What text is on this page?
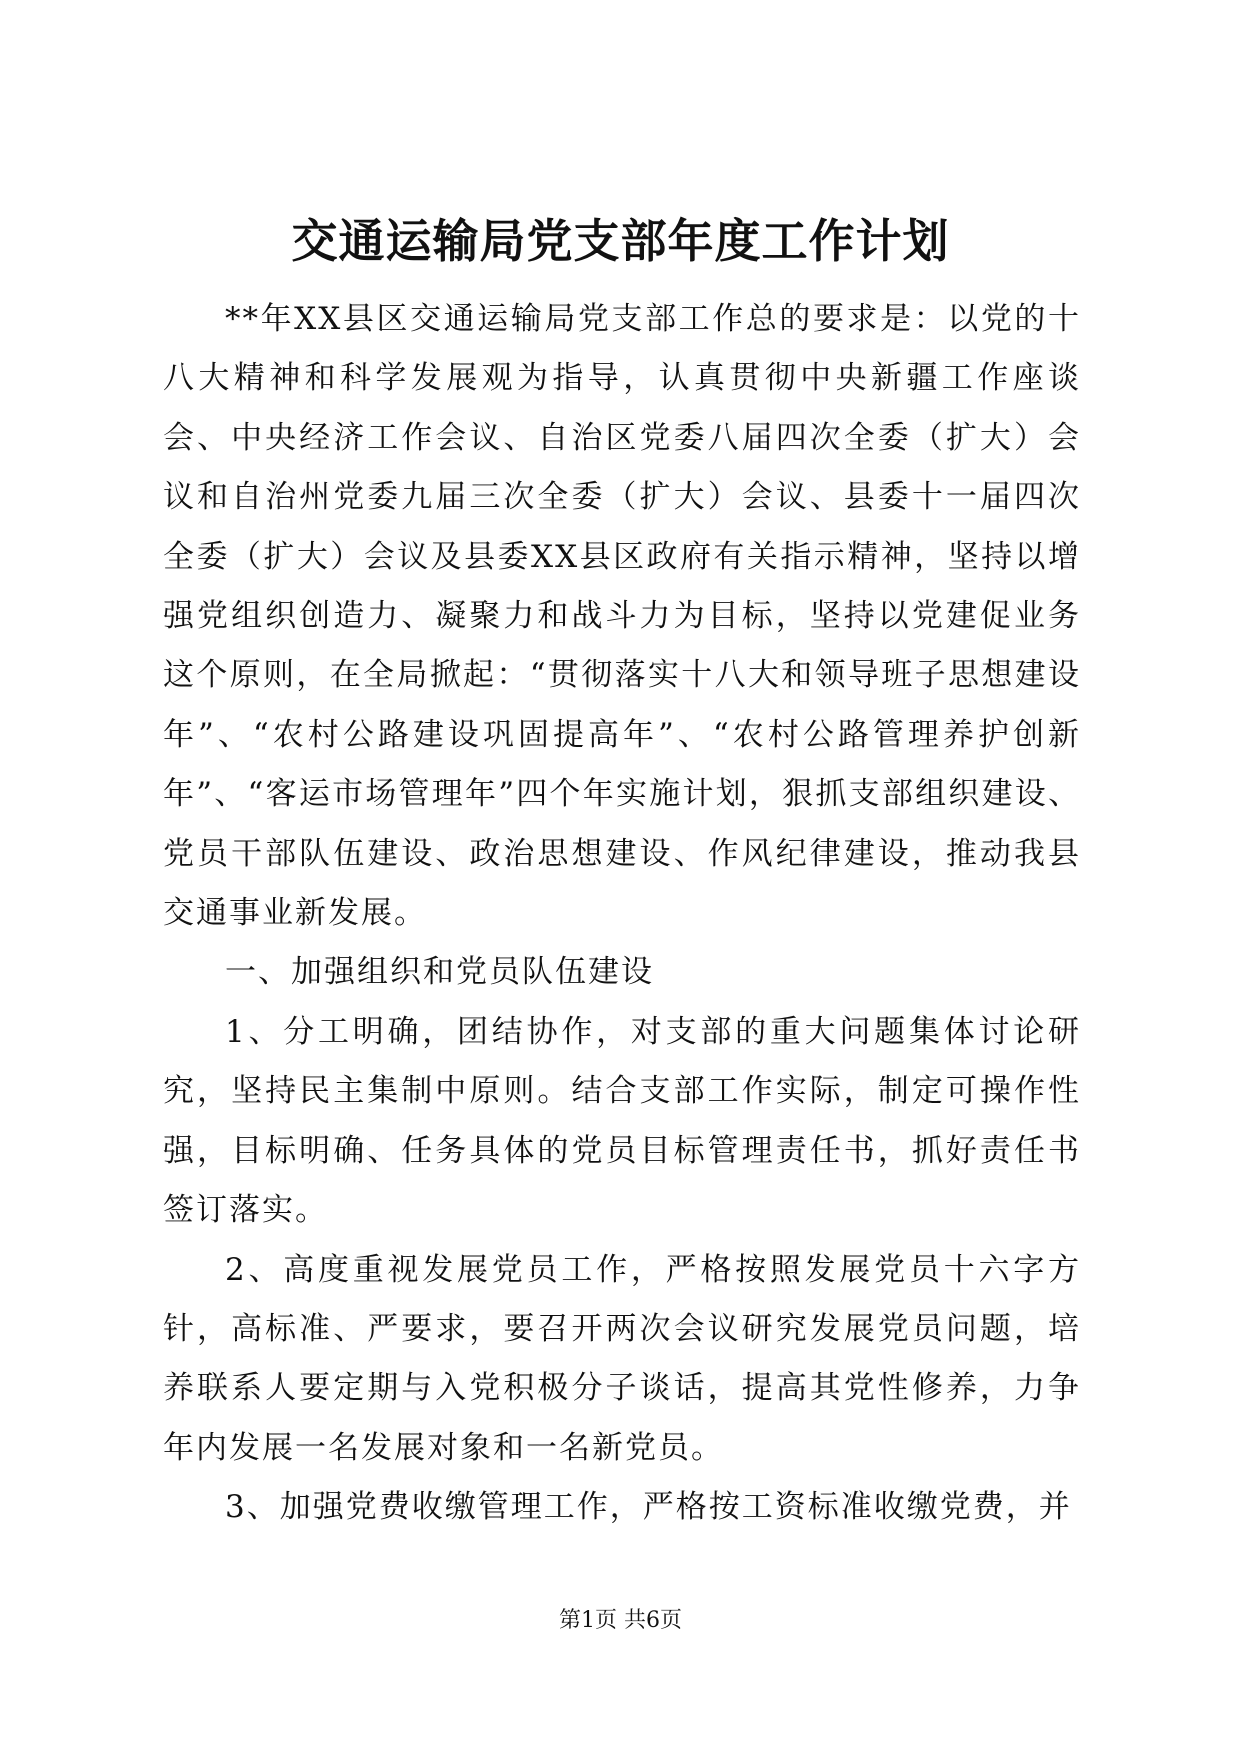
交通运输局党支部年度工作计划

**年XX县区交通运输局党支部工作总的要求是：以党的十八大精神和科学发展观为指导，认真贯彻中央新疆工作座谈会、中央经济工作会议、自治区党委八届四次全委（扩大）会议和自治州党委九届三次全委（扩大）会议、县委十一届四次全委（扩大）会议及县委XX县区政府有关指示精神，坚持以增强党组织创造力、凝聚力和战斗力为目标，坚持以党建促业务这个原则，在全局掀起：“贯彻落实十八大和领导班子思想建设年”、“农村公路建设巩固提高年”、“农村公路管理养护创新年”、“客运市场管理年”四个年实施计划，狠抓支部组织建设、党员干部队伍建设、政治思想建设、作风纪律建设，推动我县交通事业新发展。

一、加强组织和党员队伍建设

1、分工明确，团结协作，对支部的重大问题集体讨论研究，坚持民主集制中原则。结合支部工作实际，制定可操作性强，目标明确、任务具体的党员目标管理责任书，抓好责任书签订落实。

2、高度重视发展党员工作，严格按照发展党员十六字方针，高标准、严要求，要召开两次会议研究发展党员问题，培养联系人要定期与入党积极分子谈话，提高其党性修养，力争年内发展一名发展对象和一名新党员。

3、加强党费收缴管理工作，严格按工资标准收缴党费，并

第1页 共6页
